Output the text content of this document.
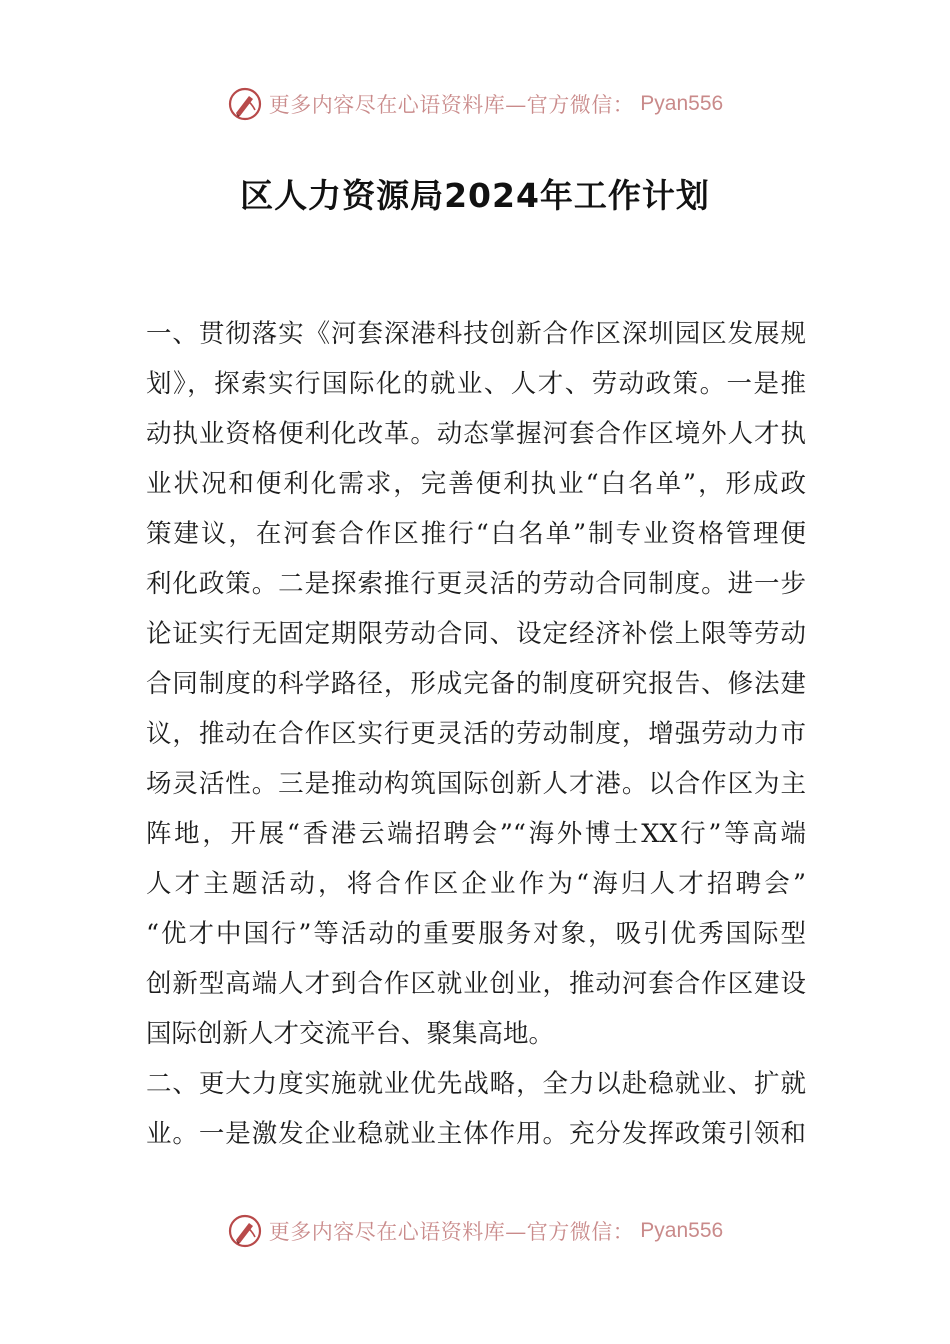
更多内容尽在心语资料库—官方微信： Pyan556
区人力资源局2024年工作计划
一、贯彻落实《河套深港科技创新合作区深圳园区发展规
划》，探索实行国际化的就业、人才、劳动政策。一是推
动执业资格便利化改革。动态掌握河套合作区境外人才执
业状况和便利化需求，完善便利执业“白名单”，形成政
策建议，在河套合作区推行“白名单”制专业资格管理便
利化政策。二是探索推行更灵活的劳动合同制度。进一步
论证实行无固定期限劳动合同、设定经济补偿上限等劳动
合同制度的科学路径，形成完备的制度研究报告、修法建
议，推动在合作区实行更灵活的劳动制度，增强劳动力市
场灵活性。三是推动构筑国际创新人才港。以合作区为主
阵地，开展“香港云端招聘会”“海外博士XX行”等高端
人才主题活动，将合作区企业作为“海归人才招聘会”
“优才中国行”等活动的重要服务对象，吸引优秀国际型
创新型高端人才到合作区就业创业，推动河套合作区建设
国际创新人才交流平台、聚集高地。
二、更大力度实施就业优先战略，全力以赴稳就业、扩就
业。一是激发企业稳就业主体作用。充分发挥政策引领和
更多内容尽在心语资料库—官方微信： Pyan556
